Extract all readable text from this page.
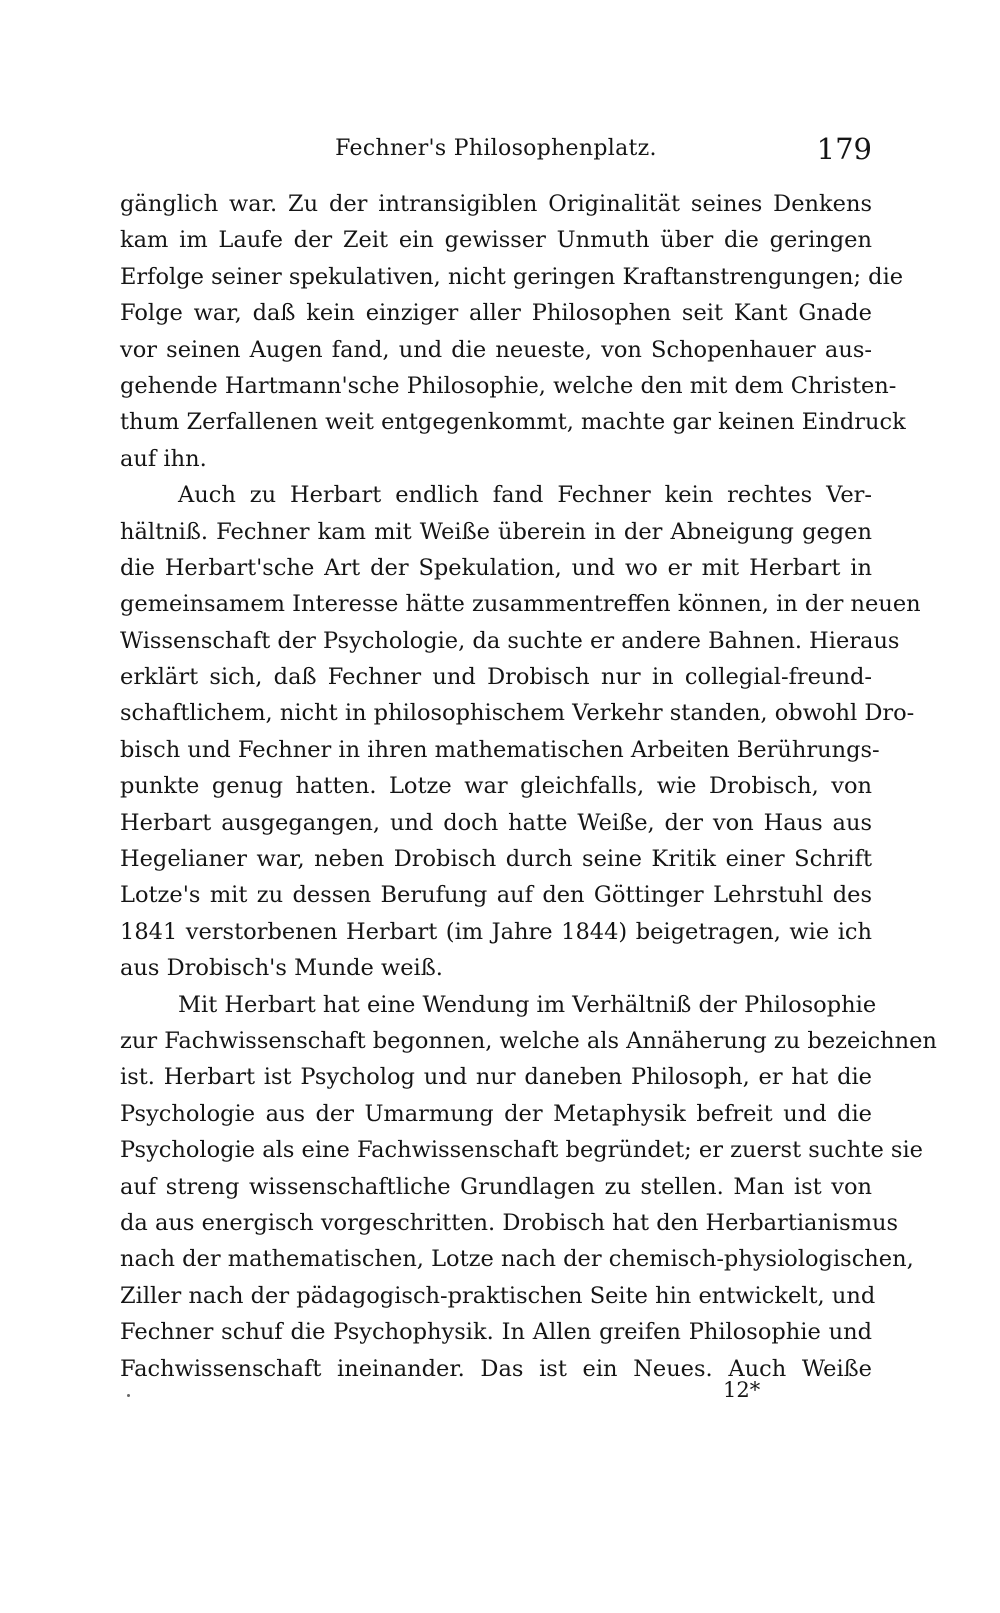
Fechner's Philosophenplatz.	179
gänglich war. Zu der intransigiblen Originalität seines Denkens
kam im Laufe der Zeit ein gewisser Unmuth über die geringen
Erfolge seiner spekulativen, nicht geringen Kraftanstrengungen; die
Folge war, daß kein einziger aller Philosophen seit Kant Gnade
vor seinen Augen fand, und die neueste, von Schopenhauer aus-
gehende Hartmann'sche Philosophie, welche den mit dem Christen-
thum Zerfallenen weit entgegenkommt, machte gar keinen Eindruck
auf ihn.
Auch zu Herbart endlich fand Fechner kein rechtes Ver-
hältniß. Fechner kam mit Weiße überein in der Abneigung gegen
die Herbart'sche Art der Spekulation, und wo er mit Herbart in
gemeinsamem Interesse hätte zusammentreffen können, in der neuen
Wissenschaft der Psychologie, da suchte er andere Bahnen. Hieraus
erklärt sich, daß Fechner und Drobisch nur in collegial-freund-
schaftlichem, nicht in philosophischem Verkehr standen, obwohl Dro-
bisch und Fechner in ihren mathematischen Arbeiten Berührungs-
punkte genug hatten. Lotze war gleichfalls, wie Drobisch, von
Herbart ausgegangen, und doch hatte Weiße, der von Haus aus
Hegelianer war, neben Drobisch durch seine Kritik einer Schrift
Lotze's mit zu dessen Berufung auf den Göttinger Lehrstuhl des
1841 verstorbenen Herbart (im Jahre 1844) beigetragen, wie ich
aus Drobisch's Munde weiß.
Mit Herbart hat eine Wendung im Verhältniß der Philosophie
zur Fachwissenschaft begonnen, welche als Annäherung zu bezeichnen
ist. Herbart ist Psycholog und nur daneben Philosoph, er hat die
Psychologie aus der Umarmung der Metaphysik befreit und die
Psychologie als eine Fachwissenschaft begründet; er zuerst suchte sie
auf streng wissenschaftliche Grundlagen zu stellen. Man ist von
da aus energisch vorgeschritten. Drobisch hat den Herbartianismus
nach der mathematischen, Lotze nach der chemisch-physiologischen,
Ziller nach der pädagogisch-praktischen Seite hin entwickelt, und
Fechner schuf die Psychophysik. In Allen greifen Philosophie und
Fachwissenschaft ineinander. Das ist ein Neues. Auch Weiße
12*
